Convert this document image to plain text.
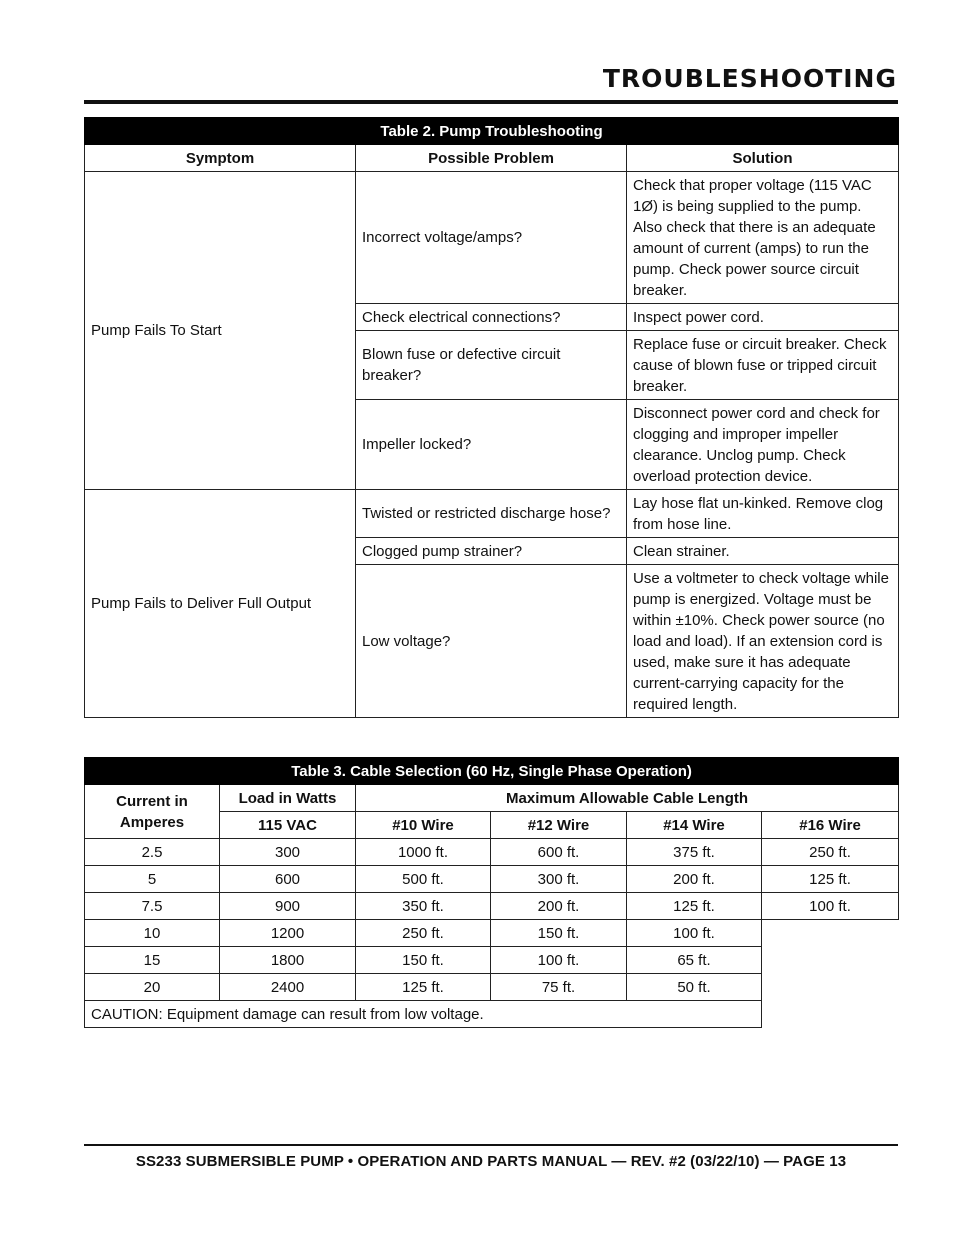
TROUBLESHOOTING
Table 2. Pump Troubleshooting		
Symptom	Possible Problem	Solution
Pump Fails To Start	Incorrect voltage/amps?	Check that proper voltage (115 VAC 1Ø) is being supplied to the pump. Also check that there is an adequate amount of current (amps) to run the pump. Check power source circuit breaker.
	Check electrical connections?	Inspect power cord.
	Blown fuse or defective circuit breaker?	Replace fuse or circuit breaker. Check cause of blown fuse or tripped circuit breaker.
	Impeller locked?	Disconnect power cord and check for clogging and improper impeller clearance. Unclog pump. Check overload protection device.
Pump Fails to Deliver Full Output	Twisted or restricted discharge hose?	Lay hose flat un-kinked. Remove clog from hose line.
	Clogged pump strainer?	Clean strainer.
	Low voltage?	Use a voltmeter to check voltage while pump is energized. Voltage must be within ±10%. Check power source (no load and load). If an extension cord is used, make sure it has adequate current-carrying capacity for the required length.
Table 3. Cable Selection (60 Hz, Single Phase Operation)					
Current in Amperes	Load in Watts	Maximum Allowable Cable Length			
	115 VAC	#10 Wire	#12 Wire	#14 Wire	#16 Wire
2.5	300	1000 ft.	600 ft.	375 ft.	250 ft.
5	600	500 ft.	300 ft.	200 ft.	125 ft.
7.5	900	350 ft.	200 ft.	125 ft.	100 ft.
10	1200	250 ft.	150 ft.	100 ft.	
15	1800	150 ft.	100 ft.	65 ft.	
20	2400	125 ft.	75 ft.	50 ft.	
CAUTION: Equipment damage can result from low voltage.					
SS233 SUBMERSIBLE PUMP • OPERATION AND PARTS MANUAL — REV. #2 (03/22/10) — PAGE 13
